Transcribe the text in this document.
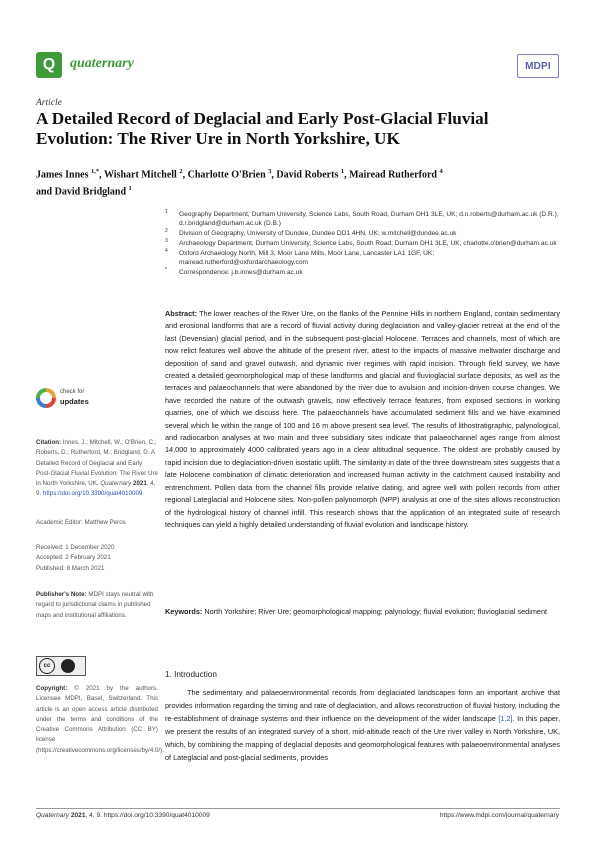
Q	quaternary	MDPI
Article
A Detailed Record of Deglacial and Early Post-Glacial Fluvial Evolution: The River Ure in North Yorkshire, UK
James Innes $^{1,*}$, Wishart Mitchell $^2$, Charlotte O'Brien $^3$, David Roberts $^1$, Mairead Rutherford $^4$
and David Bridgland $^1$
1 Geography Department, Durham University, Science Labs, South Road, Durham DH1 3LE, UK; d.n.roberts@durham.ac.uk (D.R.); d.r.bridgland@durham.ac.uk (D.B.)
2 Division of Geography, University of Dundee, Dundee DD1 4HN, UK; w.mitchell@dundee.ac.uk
3 Archaeology Department, Durham University, Science Labs, South Road, Durham DH1 3LE, UK; charlotte.o'brien@durham.ac.uk
4 Oxford Archaeology North, Mill 3, Moor Lane Mills, Moor Lane, Lancaster LA1 1GF, UK; mairead.rutherford@oxfordarchaeology.com
* Correspondence: j.b.innes@durham.ac.uk
Abstract: The lower reaches of the River Ure, on the flanks of the Pennine Hills in northern England, contain sedimentary and erosional landforms that are a record of fluvial activity during deglaciation and valley-glacier retreat at the end of the last (Devensian) glacial period, and in the subsequent post-glacial Holocene. Terraces and channels, most of which are now relict features well above the altitude of the present river, attest to the impacts of massive meltwater discharge and deposition of sand and gravel outwash, and dynamic river regimes with rapid incision. Through field survey, we have created a detailed geomorphological map of these landforms and glacial and fluvioglacial surface deposits, as well as the terraces and palaeochannels that were abandoned by the river due to avulsion and incision-driven course changes. We have recorded the nature of the outwash gravels, now effectively terrace features, from exposed sections in working quarries, one of which we discuss here. The palaeochannels have accumulated sediment fills and we have examined several which lie within the range of 100 and 16 m above present sea level. The results of lithostratigraphic, palynological, and radiocarbon analyses at two main and three subsidiary sites indicate that palaeochannel ages range from almost 14,000 to approximately 4000 calibrated years ago in a clear altitudinal sequence. The oldest are probably caused by rapid incision due to deglaciation-driven isostatic uplift. The similarity in date of the three downstream sites suggests that a late Holocene combination of climatic deterioration and increased human activity in the catchment caused instability and entrenchment. Pollen data from the channel fills provide relative dating, and agree well with pollen records from other regional Lateglacial and Holocene sites. Non-pollen palynomorph (NPP) analysis at one of the sites allows reconstruction of the hydrological history of channel infill. This research shows that the application of an integrated suite of research techniques can yield a highly detailed understanding of fluvial evolution and landscape history.
Keywords: North Yorkshire; River Ure; geomorphological mapping; palynology; fluvial evolution; fluvioglacial sediment
check for
updates
Citation: Innes, J.; Mitchell, W.; O'Brien, C.; Roberts, D.; Rutherford, M.; Bridgland, D. A Detailed Record of Deglacial and Early Post-Glacial Fluvial Evolution: The River Ure in North Yorkshire, UK. Quaternary 2021, 4, 9. https://doi.org/10.3390/quat4010009
Academic Editor: Matthew Peros
Received: 1 December 2020
Accepted: 2 February 2021
Published: 8 March 2021
Publisher's Note: MDPI stays neutral with regard to jurisdictional claims in published maps and institutional affiliations.
cc
Copyright: © 2021 by the authors. Licensee MDPI, Basel, Switzerland. This article is an open access article distributed under the terms and conditions of the Creative Commons Attribution (CC BY) license (https://creativecommons.org/licenses/by/4.0/).
1. Introduction
The sedimentary and palaeoenvironmental records from deglaciated landscapes form an important archive that provides information regarding the timing and rate of deglaciation, and allows reconstruction of fluvial history, including the re-establishment of drainage systems and their influence on the development of the wider landscape [1,2]. In this paper, we present the results of an integrated survey of a short, mid-altitude reach of the Ure river valley in North Yorkshire, UK, which, by combining the mapping of deglacial deposits and geomorphological features with palaeoenvironmental analyses of Lateglacial and post-glacial sediments, provides
Quaternary 2021, 4, 9. https://doi.org/10.3390/quat4010009	https://www.mdpi.com/journal/quaternary
